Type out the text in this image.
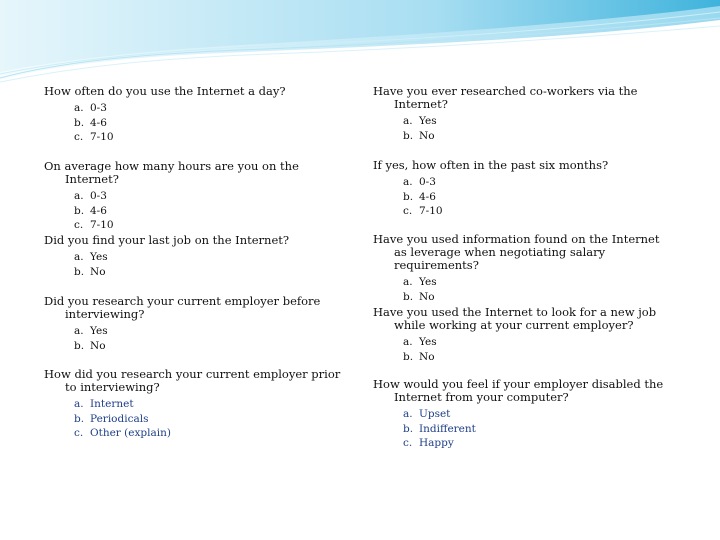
How often do you use the Internet a day?

a. 0-3
b. 4-6
c. 7-10

On average how many hours are you on the Internet?

a. 0-3
b. 4-6
c. 7-10

Did you find your last job on the Internet?

a. Yes
b. No

Did you research your current employer before interviewing?

a. Yes
b. No

How did you research your current employer prior to interviewing?

a. Internet
b. Periodicals
c. Other (explain)

Have you ever researched co-workers via the Internet?

a. Yes
b. No

If yes, how often in the past six months?

a. 0-3
b. 4-6
c. 7-10

Have you used information found on the Internet as leverage when negotiating salary requirements?

a. Yes
b. No

Have you used the Internet to look for a new job while working at your current employer?

a. Yes
b. No

How would you feel if your employer disabled the Internet from your computer?

a. Upset
b. Indifferent
c. Happy
